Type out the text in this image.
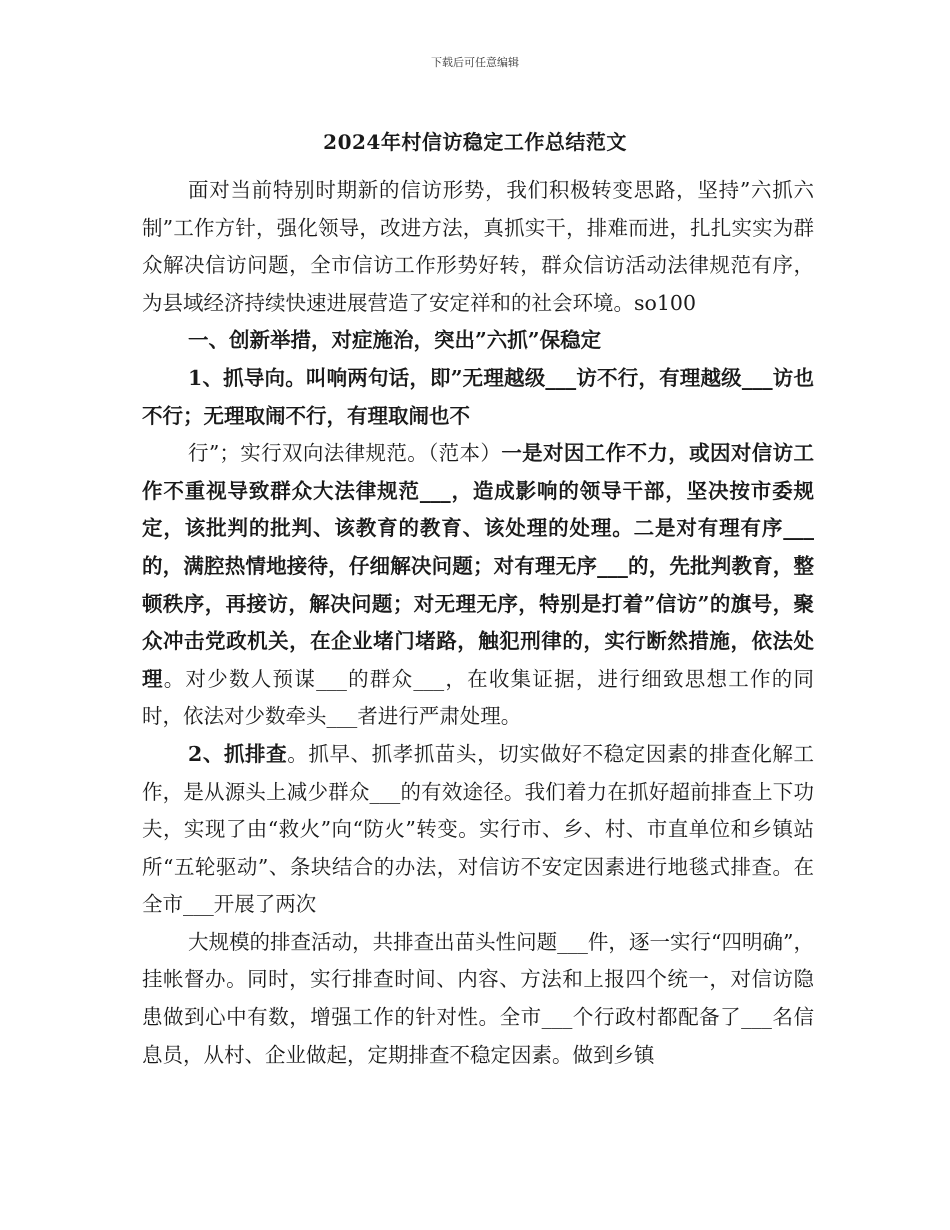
下载后可任意编辑
2024年村信访稳定工作总结范文

面对当前特别时期新的信访形势，我们积极转变思路，坚持”六抓六制”工作方针，强化领导，改进方法，真抓实干，排难而进，扎扎实实为群众解决信访问题，全市信访工作形势好转，群众信访活动法律规范有序，为县域经济持续快速进展营造了安定祥和的社会环境。so100

一、创新举措，对症施治，突出”六抓”保稳定

1、抓导向。叫响两句话，即”无理越级___访不行，有理越级___访也不行；无理取闹不行，有理取闹也不

行”；实行双向法律规范。（范本）一是对因工作不力，或因对信访工作不重视导致群众大法律规范___，造成影响的领导干部，坚决按市委规定，该批判的批判、该教育的教育、该处理的处理。二是对有理有序___的，满腔热情地接待，仔细解决问题；对有理无序___的，先批判教育，整顿秩序，再接访，解决问题；对无理无序，特别是打着”信访”的旗号，聚众冲击党政机关，在企业堵门堵路，触犯刑律的，实行断然措施，依法处理。对少数人预谋___的群众___，在收集证据，进行细致思想工作的同时，依法对少数牵头___者进行严肃处理。

2、抓排查。抓早、抓孝抓苗头，切实做好不稳定因素的排查化解工作，是从源头上减少群众___的有效途径。我们着力在抓好超前排查上下功夫，实现了由“救火”向“防火”转变。实行市、乡、村、市直单位和乡镇站所“五轮驱动”、条块结合的办法，对信访不安定因素进行地毯式排查。在全市___开展了两次

大规模的排查活动，共排查出苗头性问题___件，逐一实行“四明确”，挂帐督办。同时，实行排查时间、内容、方法和上报四个统一，对信访隐患做到心中有数，增强工作的针对性。全市___个行政村都配备了___名信息员，从村、企业做起，定期排查不稳定因素。做到乡镇
